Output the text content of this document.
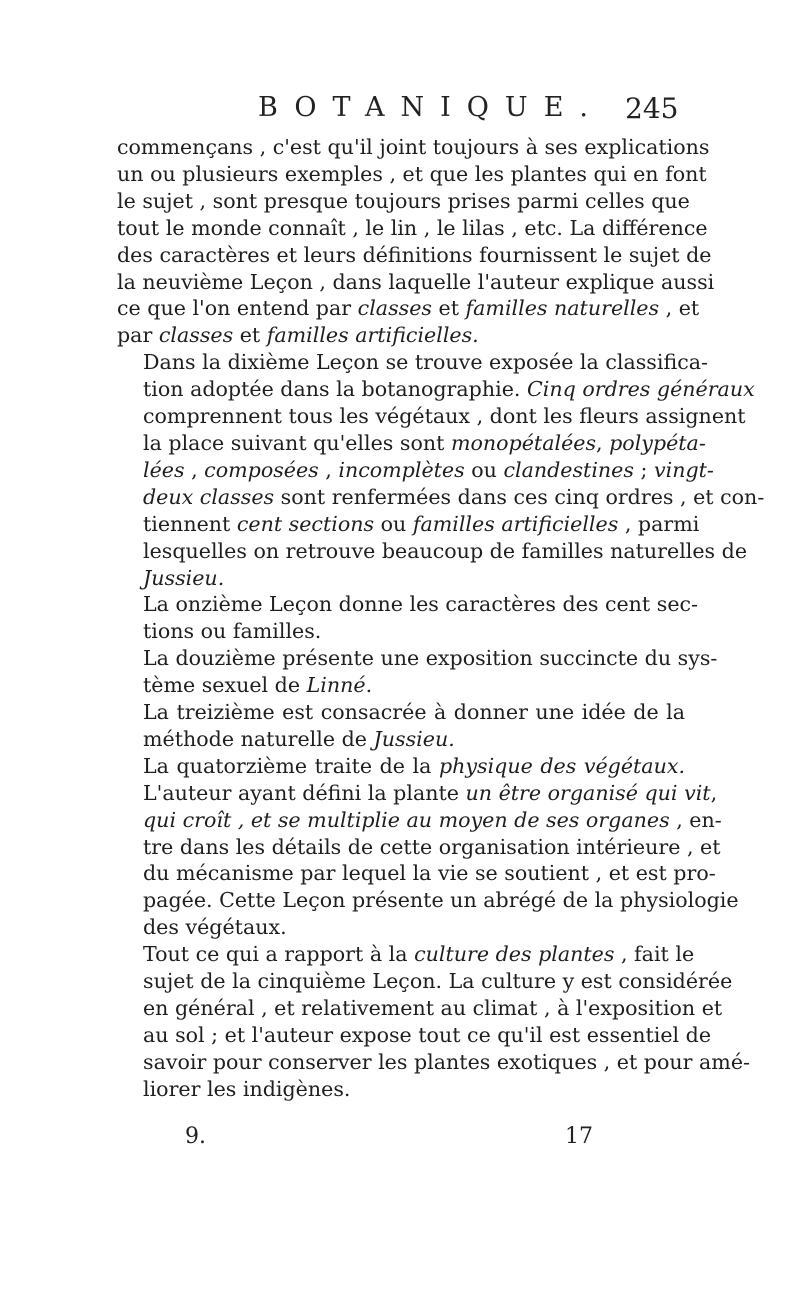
BOTANIQUE. 245

commençans , c'est qu'il joint toujours à ses explications
un ou plusieurs exemples , et que les plantes qui en font
le sujet , sont presque toujours prises parmi celles que
tout le monde connaît , le lin , le lilas , etc. La différence
des caractères et leurs définitions fournissent le sujet de
la neuvième Leçon , dans laquelle l'auteur explique aussi
ce que l'on entend par classes et familles naturelles , et
par classes et familles artificielles.

Dans la dixième Leçon se trouve exposée la classifica-
tion adoptée dans la botanographie. Cinq ordres généraux
comprennent tous les végétaux , dont les fleurs assignent
la place suivant qu'elles sont monopétalées, polypéta-
lées , composées , incomplètes ou clandestines ; vingt-
deux classes sont renfermées dans ces cinq ordres , et con-
tiennent cent sections ou familles artificielles , parmi
lesquelles on retrouve beaucoup de familles naturelles de
Jussieu.

La onzième Leçon donne les caractères des cent sec-
tions ou familles.

La douzième présente une exposition succincte du sys-
tème sexuel de Linné.

La treizième est consacrée à donner une idée de la
méthode naturelle de Jussieu.

La quatorzième traite de la physique des végétaux.
L'auteur ayant défini la plante un être organisé qui vit,
qui croît , et se multiplie au moyen de ses organes , en-
tre dans les détails de cette organisation intérieure , et
du mécanisme par lequel la vie se soutient , et est pro-
pagée. Cette Leçon présente un abrégé de la physiologie
des végétaux.

Tout ce qui a rapport à la culture des plantes , fait le
sujet de la cinquième Leçon. La culture y est considérée
en général , et relativement au climat , à l'exposition et
au sol ; et l'auteur expose tout ce qu'il est essentiel de
savoir pour conserver les plantes exotiques , et pour amé-
liorer les indigènes.

9.	17
